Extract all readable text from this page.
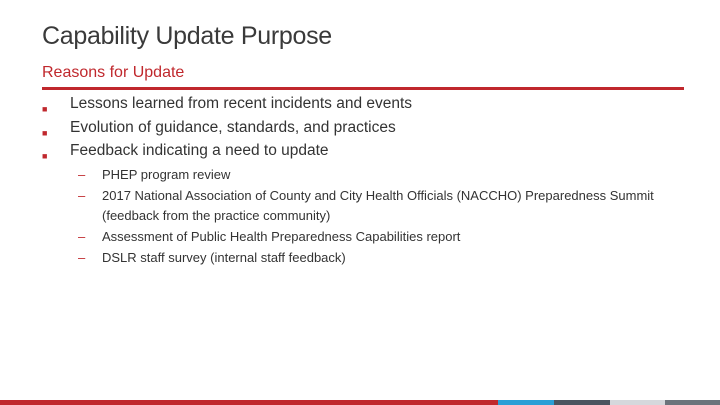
Capability Update Purpose
Reasons for Update
■	Lessons learned from recent incidents and events
■	Evolution of guidance, standards, and practices
■	Feedback indicating a need to update
–	PHEP program review
–	2017 National Association of County and City Health Officials (NACCHO) Preparedness Summit (feedback from the practice community)
–	Assessment of Public Health Preparedness Capabilities report
–	DSLR staff survey (internal staff feedback)
